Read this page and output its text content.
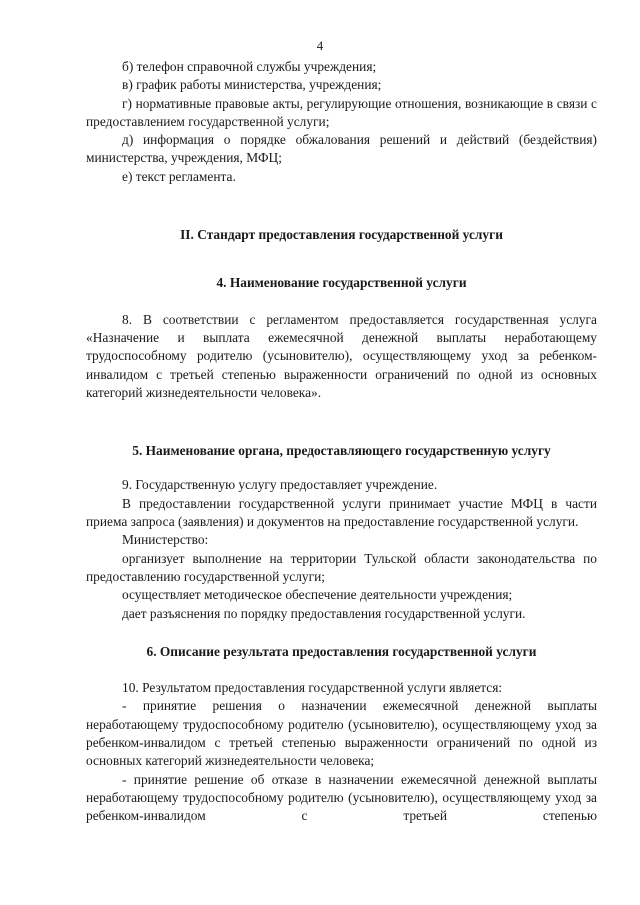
4

б) телефон справочной службы учреждения;

в) график работы министерства, учреждения;

г) нормативные правовые акты, регулирующие отношения, возникающие в связи с предоставлением государственной услуги;

д) информация о порядке обжалования решений и действий (бездействия) министерства, учреждения, МФЦ;

е) текст регламента.

II. Стандарт предоставления государственной услуги

4. Наименование государственной услуги

8. В соответствии с регламентом предоставляется государственная услуга «Назначение и выплата ежемесячной денежной выплаты неработающему трудоспособному родителю (усыновителю), осуществляющему уход за ребенком-инвалидом с третьей степенью выраженности ограничений по одной из основных категорий жизнедеятельности человека».

5. Наименование органа, предоставляющего государственную услугу

9. Государственную услугу предоставляет учреждение.

В предоставлении государственной услуги принимает участие МФЦ в части приема запроса (заявления) и документов на предоставление государственной услуги.

Министерство:

организует выполнение на территории Тульской области законодательства по предоставлению государственной услуги;

осуществляет методическое обеспечение деятельности учреждения;

дает разъяснения по порядку предоставления государственной услуги.

6. Описание результата предоставления государственной услуги

10. Результатом предоставления государственной услуги является:

- принятие решения о назначении ежемесячной денежной выплаты неработающему трудоспособному родителю (усыновителю), осуществляющему уход за ребенком-инвалидом с третьей степенью выраженности ограничений по одной из основных категорий жизнедеятельности человека;

- принятие решение об отказе в назначении ежемесячной денежной выплаты неработающему трудоспособному родителю (усыновителю), осуществляющему уход за ребенком-инвалидом с третьей степенью
